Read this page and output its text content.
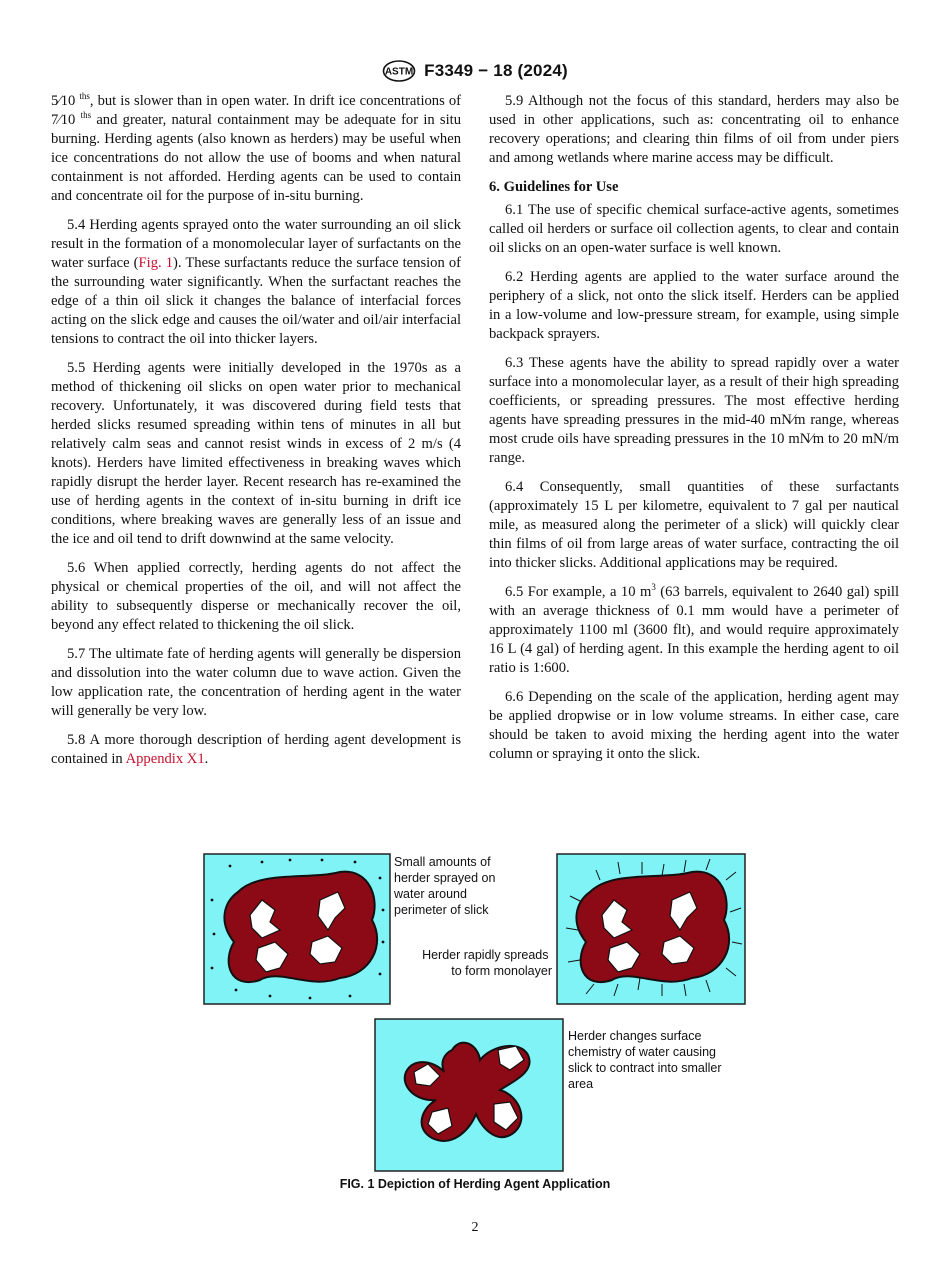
ASTM F3349 − 18 (2024)

5⁄10 $^{ths}$, but is slower than in open water. In drift ice concentrations of 7⁄10 $^{ths}$ and greater, natural containment may be adequate for in situ burning. Herding agents (also known as herders) may be useful when ice concentrations do not allow the use of booms and when natural containment is not afforded. Herding agents can be used to contain and concentrate oil for the purpose of in-situ burning.

5.4 Herding agents sprayed onto the water surrounding an oil slick result in the formation of a monomolecular layer of surfactants on the water surface (Fig. 1). These surfactants reduce the surface tension of the surrounding water significantly. When the surfactant reaches the edge of a thin oil slick it changes the balance of interfacial forces acting on the slick edge and causes the oil/water and oil/air interfacial tensions to contract the oil into thicker layers.

5.5 Herding agents were initially developed in the 1970s as a method of thickening oil slicks on open water prior to mechanical recovery. Unfortunately, it was discovered during field tests that herded slicks resumed spreading within tens of minutes in all but relatively calm seas and cannot resist winds in excess of 2 m/s (4 knots). Herders have limited effectiveness in breaking waves which rapidly disrupt the herder layer. Recent research has re-examined the use of herding agents in the context of in-situ burning in drift ice conditions, where breaking waves are generally less of an issue and the ice and oil tend to drift downwind at the same velocity.

5.6 When applied correctly, herding agents do not affect the physical or chemical properties of the oil, and will not affect the ability to subsequently disperse or mechanically recover the oil, beyond any effect related to thickening the oil slick.

5.7 The ultimate fate of herding agents will generally be dispersion and dissolution into the water column due to wave action. Given the low application rate, the concentration of herding agent in the water will generally be very low.

5.8 A more thorough description of herding agent development is contained in Appendix X1.

5.9 Although not the focus of this standard, herders may also be used in other applications, such as: concentrating oil to enhance recovery operations; and clearing thin films of oil from under piers and among wetlands where marine access may be difficult.

6. Guidelines for Use

6.1 The use of specific chemical surface-active agents, sometimes called oil herders or surface oil collection agents, to clear and contain oil slicks on an open-water surface is well known.

6.2 Herding agents are applied to the water surface around the periphery of a slick, not onto the slick itself. Herders can be applied in a low-volume and low-pressure stream, for example, using simple backpack sprayers.

6.3 These agents have the ability to spread rapidly over a water surface into a monomolecular layer, as a result of their high spreading coefficients, or spreading pressures. The most effective herding agents have spreading pressures in the mid-40 mN⁄m range, whereas most crude oils have spreading pressures in the 10 mN⁄m to 20 mN/m range.

6.4 Consequently, small quantities of these surfactants (approximately 15 L per kilometre, equivalent to 7 gal per nautical mile, as measured along the perimeter of a slick) will quickly clear thin films of oil from large areas of water surface, contracting the oil into thicker slicks. Additional applications may be required.

6.5 For example, a 10 $m^3$ (63 barrels, equivalent to 2640 gal) spill with an average thickness of 0.1 mm would have a perimeter of approximately 1100 ml (3600 flt), and would require approximately 16 L (4 gal) of herding agent. In this example the herding agent to oil ratio is 1:600.

6.6 Depending on the scale of the application, herding agent may be applied dropwise or in low volume streams. In either case, care should be taken to avoid mixing the herding agent into the water column or spraying it onto the slick.

Small amounts of herder sprayed on water around perimeter of slick
Herder rapidly spreads to form monolayer
Herder changes surface chemistry of water causing slick to contract into smaller area
FIG. 1 Depiction of Herding Agent Application
2
